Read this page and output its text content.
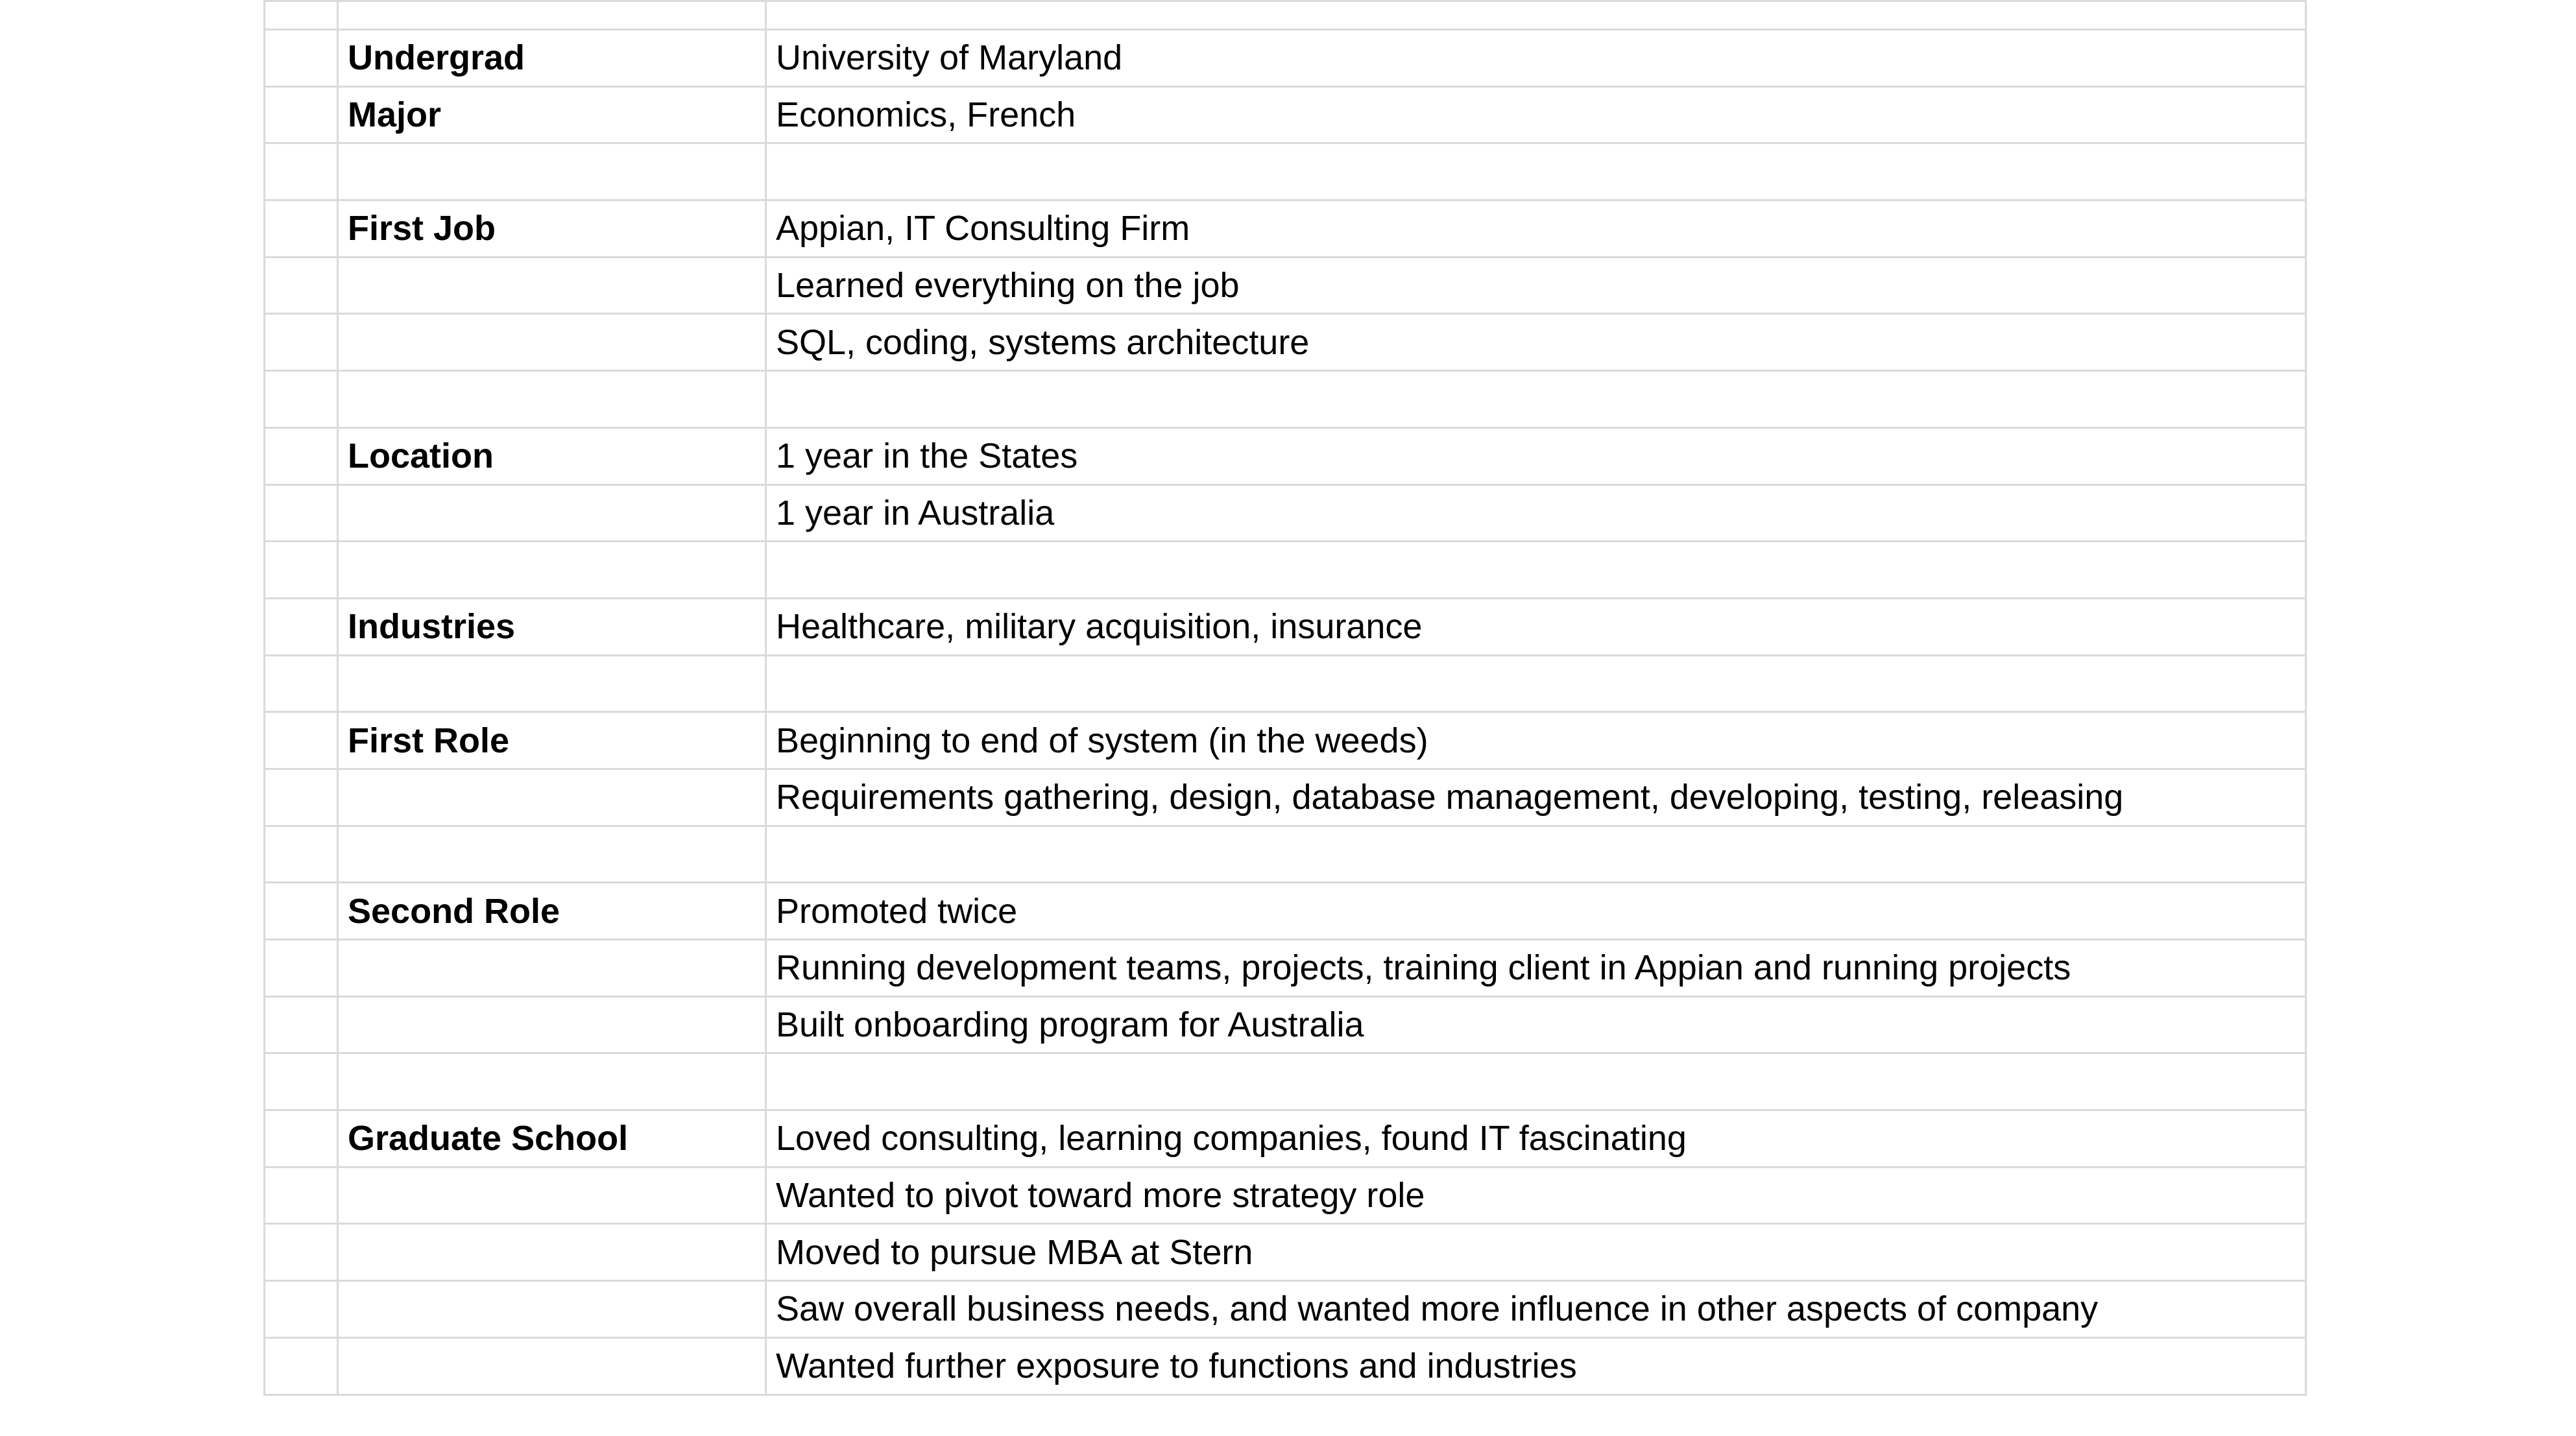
	Undergrad	University of Maryland
	Major	Economics, French

	First Job	Appian, IT Consulting Firm
		Learned everything on the job
		SQL, coding, systems architecture

	Location	1 year in the States
		1 year in Australia

	Industries	Healthcare, military acquisition, insurance

	First Role	Beginning to end of system (in the weeds)
		Requirements gathering, design, database management, developing, testing, releasing

	Second Role	Promoted twice
		Running development teams, projects, training client in Appian and running projects
		Built onboarding program for Australia

	Graduate School	Loved consulting, learning companies, found IT fascinating
		Wanted to pivot toward more strategy role
		Moved to pursue MBA at Stern
		Saw overall business needs, and wanted more influence in other aspects of company
		Wanted further exposure to functions and industries
